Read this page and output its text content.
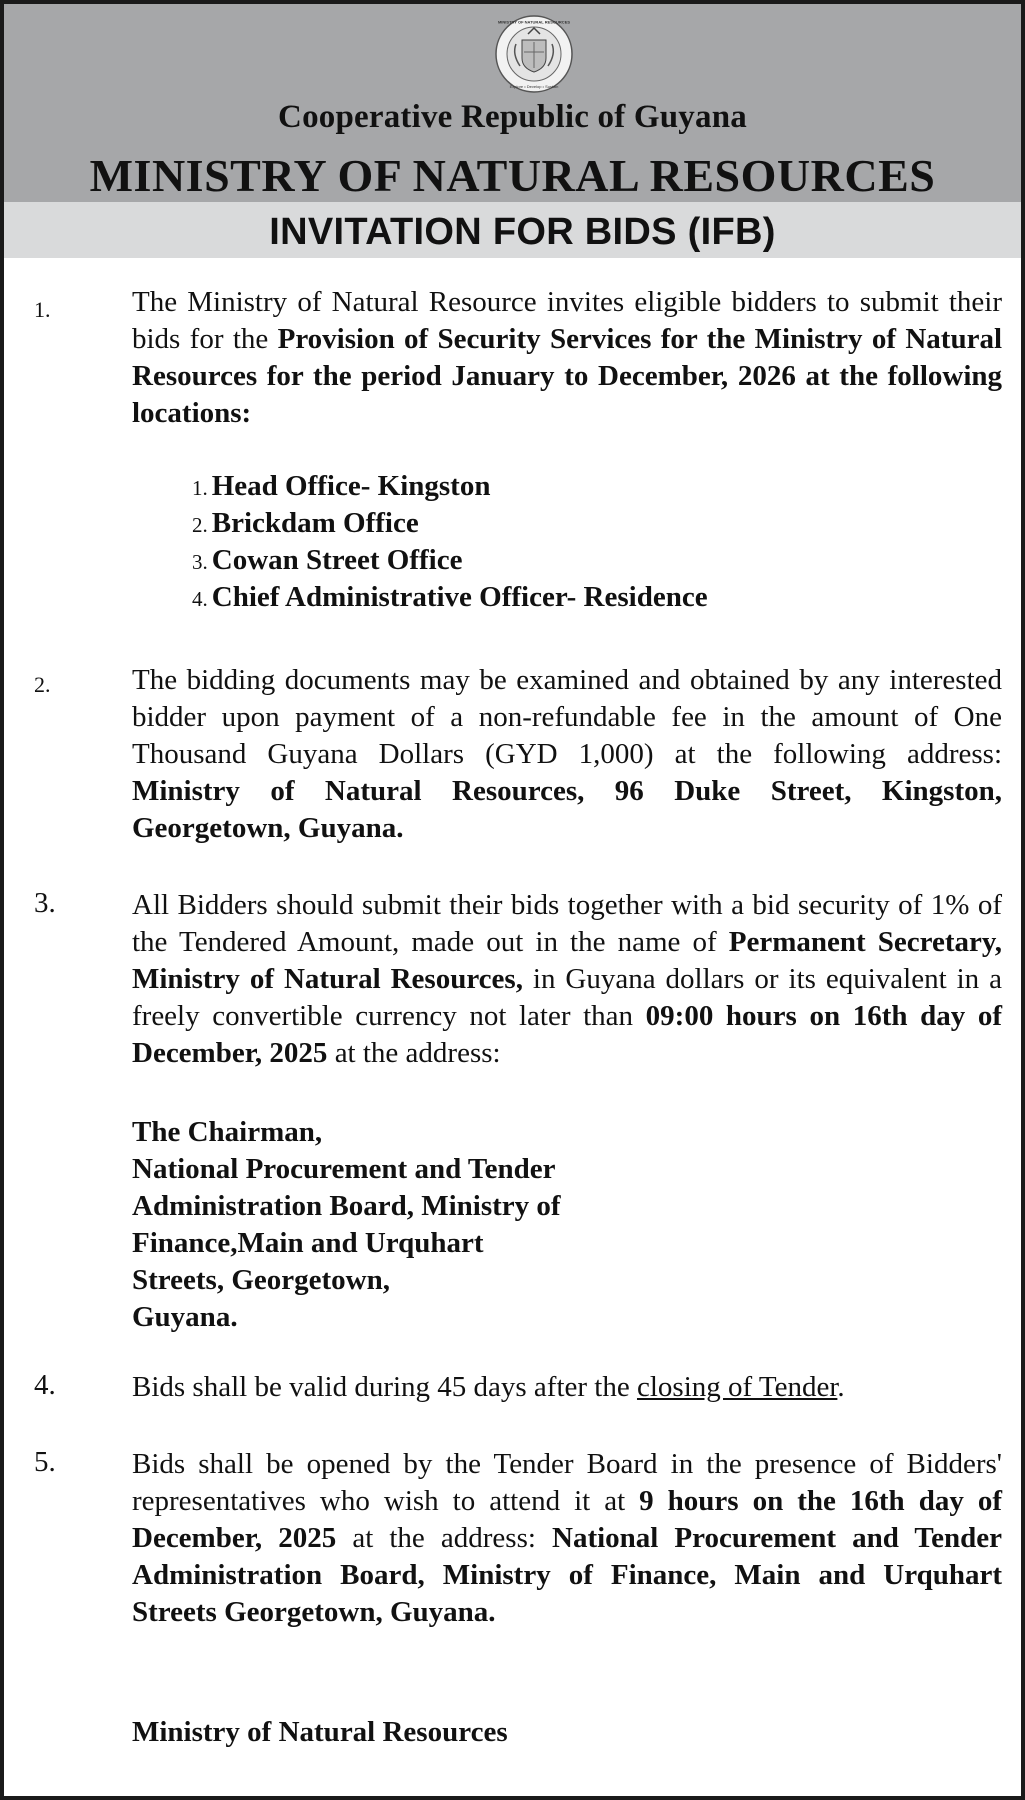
MINISTRY OF NATURAL RESOURCES
Explore • Develop • Sustain
Cooperative Republic of Guyana
MINISTRY OF NATURAL RESOURCES
INVITATION FOR BIDS (IFB)
1.	The Ministry of Natural Resource invites eligible bidders to submit their bids for the Provision of Security Services for the Ministry of Natural Resources for the period January to December, 2026 at the following locations:
1. Head Office- Kingston
2. Brickdam Office
3. Cowan Street Office
4. Chief Administrative Officer- Residence
2.	The bidding documents may be examined and obtained by any interested bidder upon payment of a non-refundable fee in the amount of One Thousand Guyana Dollars (GYD 1,000) at the following address: Ministry of Natural Resources, 96 Duke Street, Kingston, Georgetown, Guyana.
3.	All Bidders should submit their bids together with a bid security of 1% of the Tendered Amount, made out in the name of Permanent Secretary, Ministry of Natural Resources, in Guyana dollars or its equivalent in a freely convertible currency not later than 09:00 hours on 16th day of December, 2025 at the address:
The Chairman,
National Procurement and Tender
Administration Board, Ministry of
Finance,Main and Urquhart
Streets, Georgetown,
Guyana.
4.	Bids shall be valid during 45 days after the closing of Tender.
5.	Bids shall be opened by the Tender Board in the presence of Bidders' representatives who wish to attend it at 9 hours on the 16th day of December, 2025 at the address: National Procurement and Tender Administration Board, Ministry of Finance, Main and Urquhart Streets Georgetown, Guyana.
Ministry of Natural Resources
